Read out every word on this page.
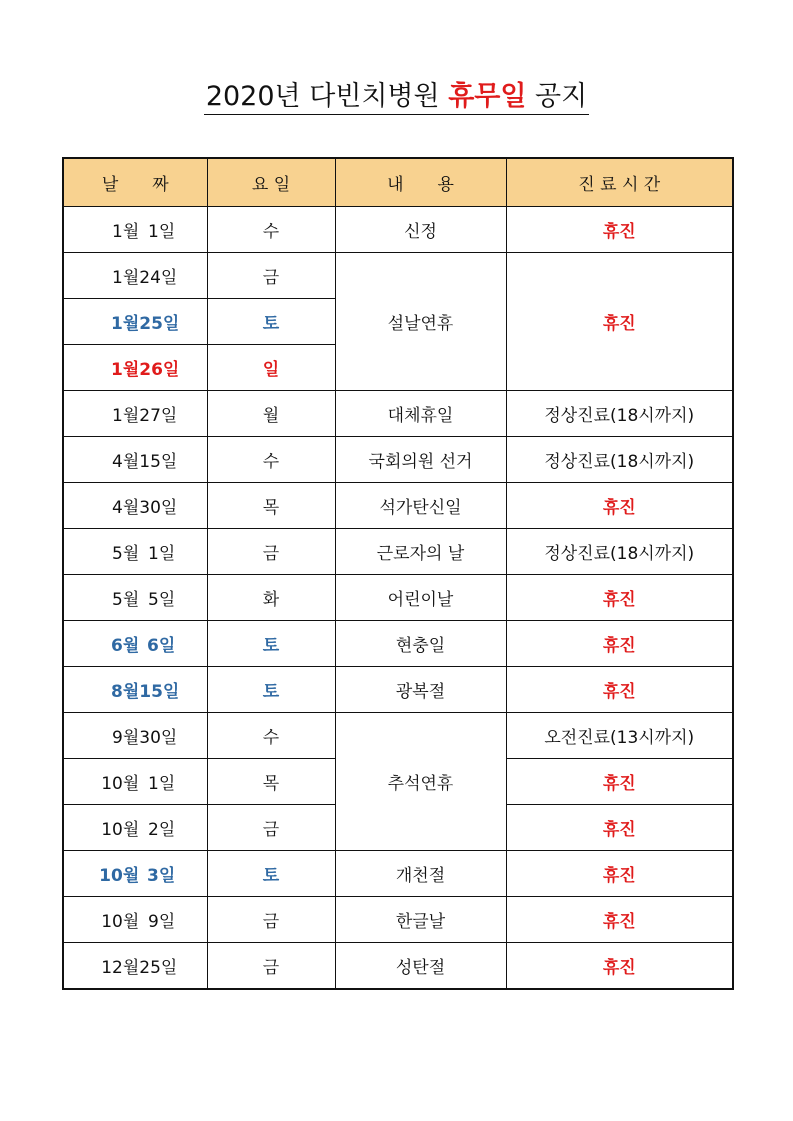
2020년 다빈치병원 휴무일 공지
날　　짜	요 일	내　　용	진 료 시 간
1월 1일	수	신정	휴진
1월24일	금	설날연휴	휴진
1월25일	토		
1월26일	일		
1월27일	월	대체휴일	정상진료(18시까지)
4월15일	수	국회의원 선거	정상진료(18시까지)
4월30일	목	석가탄신일	휴진
5월 1일	금	근로자의 날	정상진료(18시까지)
5월 5일	화	어린이날	휴진
6월 6일	토	현충일	휴진
8월15일	토	광복절	휴진
9월30일	수	추석연휴	오전진료(13시까지)
10월 1일	목		휴진
10월 2일	금		휴진
10월 3일	토	개천절	휴진
10월 9일	금	한글날	휴진
12월25일	금	성탄절	휴진
